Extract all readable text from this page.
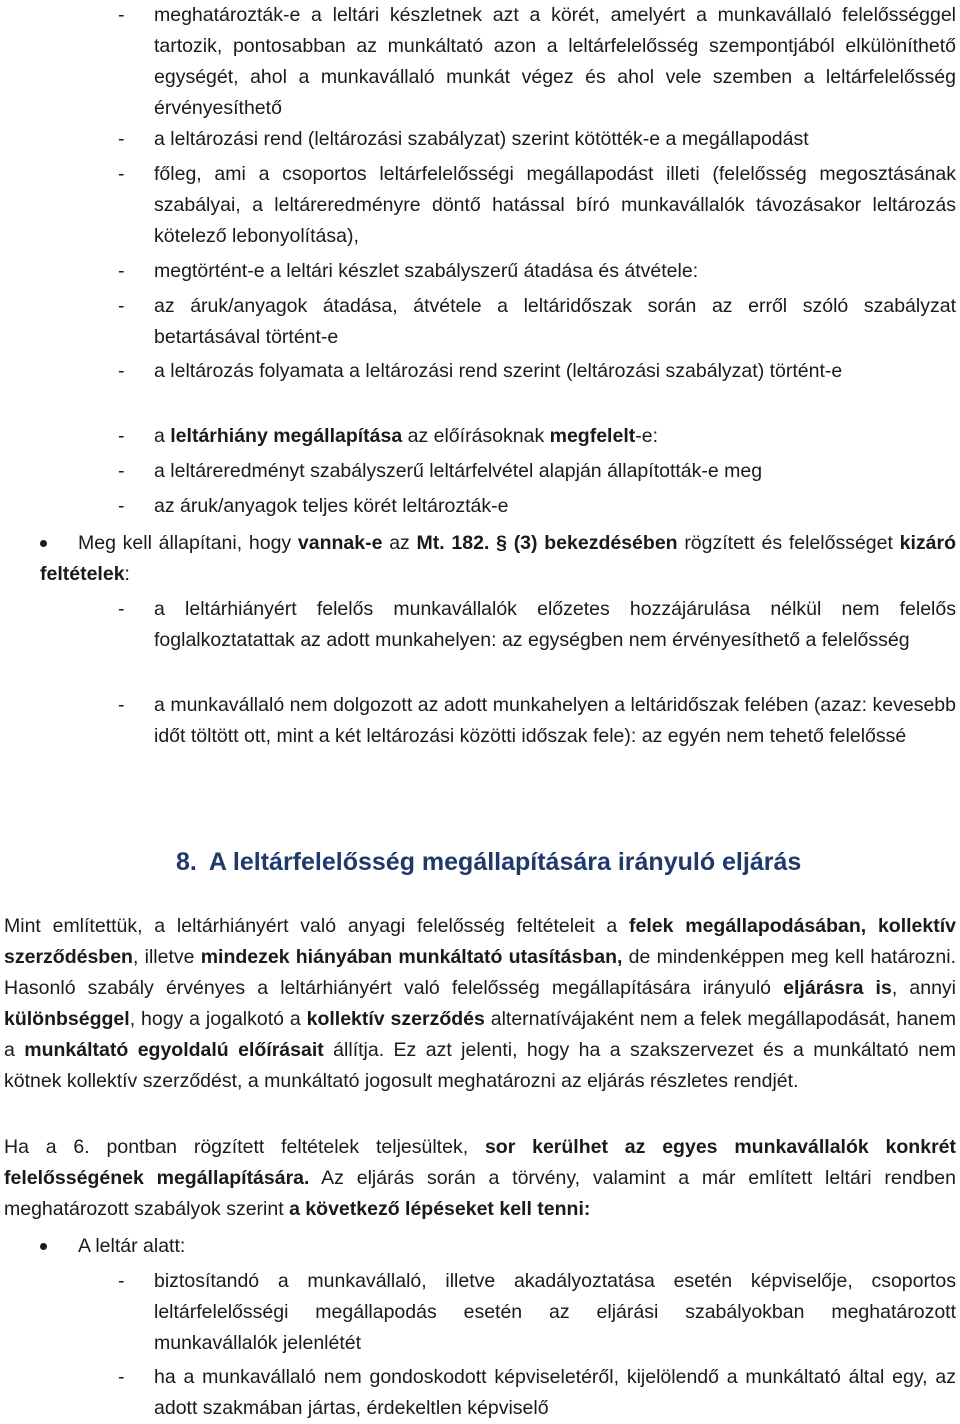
-	meghatározták-e a leltári készletnek azt a körét, amelyért a munkavállaló felelősséggel tartozik, pontosabban az munkáltató azon a leltárfelelősség szempontjából elkülöníthető egységét, ahol a munkavállaló munkát végez és ahol vele szemben a leltárfelelősség érvényesíthető
-	a leltározási rend (leltározási szabályzat) szerint kötötték-e a megállapodást
-	főleg, ami a csoportos leltárfelelősségi megállapodást illeti (felelősség megosztásának szabályai, a leltáreredményre döntő hatással bíró munkavállalók távozásakor leltározás kötelező lebonyolítása),
-	megtörtént-e a leltári készlet szabályszerű átadása és átvétele:
-	az áruk/anyagok átadása, átvétele a leltáridőszak során az erről szóló szabályzat betartásával történt-e
-	a leltározás folyamata a leltározási rend szerint (leltározási szabályzat) történt-e
-	a leltárhiány megállapítása az előírásoknak megfelelt-e:
-	a leltáreredményt szabályszerű leltárfelvétel alapján állapították-e meg
-	az áruk/anyagok teljes körét leltározták-e
Meg kell állapítani, hogy vannak-e az Mt. 182. § (3) bekezdésében rögzített és felelősséget kizáró feltételek:
-	a leltárhiányért felelős munkavállalók előzetes hozzájárulása nélkül nem felelős foglalkoztatattak az adott munkahelyen: az egységben nem érvényesíthető a felelősség
-	a munkavállaló nem dolgozott az adott munkahelyen a leltáridőszak felében (azaz: kevesebb időt töltött ott, mint a két leltározási közötti időszak fele): az egyén nem tehető felelőssé
8. A leltárfelelősség megállapítására irányuló eljárás
Mint említettük, a leltárhiányért való anyagi felelősség feltételeit a felek megállapodásában, kollektív szerződésben, illetve mindezek hiányában munkáltató utasításban, de mindenképpen meg kell határozni. Hasonló szabály érvényes a leltárhiányért való felelősség megállapítására irányuló eljárásra is, annyi különbséggel, hogy a jogalkotó a kollektív szerződés alternatívájaként nem a felek megállapodását, hanem a munkáltató egyoldalú előírásait állítja. Ez azt jelenti, hogy ha a szakszervezet és a munkáltató nem kötnek kollektív szerződést, a munkáltató jogosult meghatározni az eljárás részletes rendjét.
Ha a 6. pontban rögzített feltételek teljesültek, sor kerülhet az egyes munkavállalók konkrét felelősségének megállapítására. Az eljárás során a törvény, valamint a már említett leltári rendben meghatározott szabályok szerint a következő lépéseket kell tenni:
A leltár alatt:
-	biztosítandó a munkavállaló, illetve akadályoztatása esetén képviselője, csoportos leltárfelelősségi megállapodás esetén az eljárási szabályokban meghatározott munkavállalók jelenlétét
-	ha a munkavállaló nem gondoskodott képviseletéről, kijelölendő a munkáltató által egy, az adott szakmában jártas, érdekeltlen képviselő
